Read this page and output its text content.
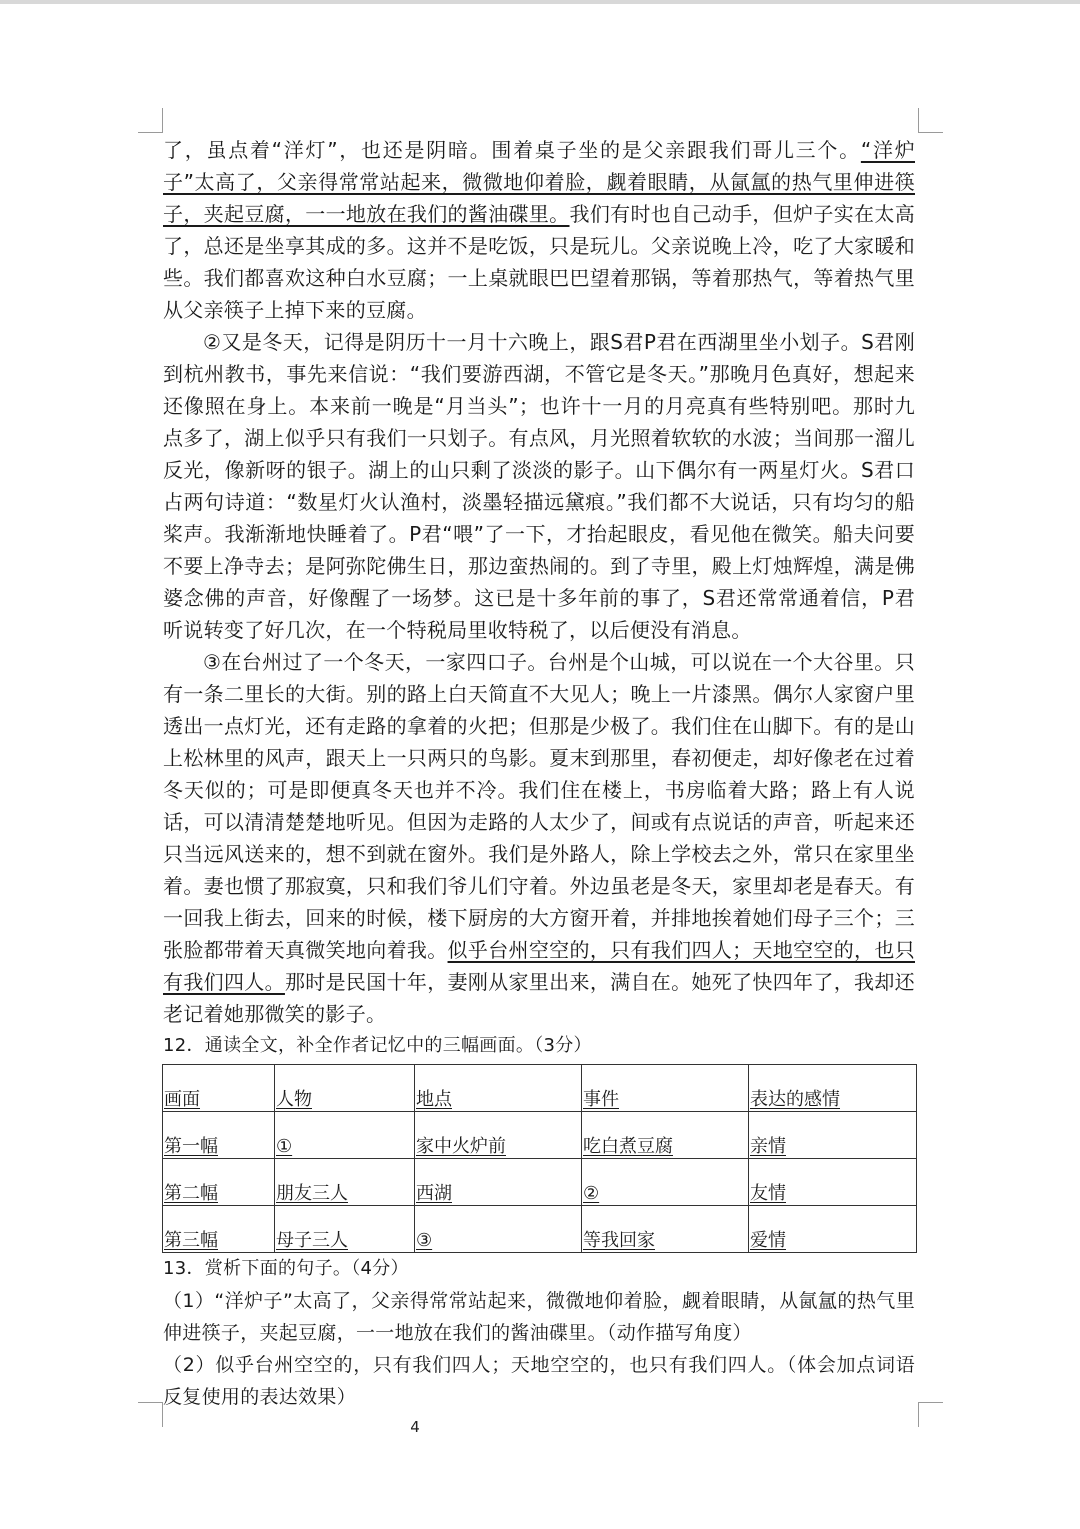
了，虽点着“洋灯”，也还是阴暗。围着桌子坐的是父亲跟我们哥儿三个。“洋炉子”太高了，父亲得常常站起来，微微地仰着脸，觑着眼睛，从氤氲的热气里伸进筷子，夹起豆腐，一一地放在我们的酱油碟里。我们有时也自己动手，但炉子实在太高了，总还是坐享其成的多。这并不是吃饭，只是玩儿。父亲说晚上冷，吃了大家暖和些。我们都喜欢这种白水豆腐；一上桌就眼巴巴望着那锅，等着那热气，等着热气里从父亲筷子上掉下来的豆腐。

②又是冬天，记得是阴历十一月十六晚上，跟S君P君在西湖里坐小划子。S君刚到杭州教书，事先来信说：“我们要游西湖，不管它是冬天。”那晚月色真好，想起来还像照在身上。本来前一晚是“月当头”；也许十一月的月亮真有些特别吧。那时九点多了，湖上似乎只有我们一只划子。有点风，月光照着软软的水波；当间那一溜儿反光，像新呀的银子。湖上的山只剩了淡淡的影子。山下偶尔有一两星灯火。S君口占两句诗道：“数星灯火认渔村，淡墨轻描远黛痕。”我们都不大说话，只有均匀的船桨声。我渐渐地快睡着了。P君“喂”了一下，才抬起眼皮，看见他在微笑。船夫问要不要上净寺去；是阿弥陀佛生日，那边蛮热闹的。到了寺里，殿上灯烛辉煌，满是佛婆念佛的声音，好像醒了一场梦。这已是十多年前的事了，S君还常常通着信，P君听说转变了好几次，在一个特税局里收特税了，以后便没有消息。

③在台州过了一个冬天，一家四口子。台州是个山城，可以说在一个大谷里。只有一条二里长的大街。别的路上白天简直不大见人；晚上一片漆黑。偶尔人家窗户里透出一点灯光，还有走路的拿着的火把；但那是少极了。我们住在山脚下。有的是山上松林里的风声，跟天上一只两只的鸟影。夏末到那里，春初便走，却好像老在过着冬天似的；可是即便真冬天也并不冷。我们住在楼上，书房临着大路；路上有人说话，可以清清楚楚地听见。但因为走路的人太少了，间或有点说话的声音，听起来还只当远风送来的，想不到就在窗外。我们是外路人，除上学校去之外，常只在家里坐着。妻也惯了那寂寞，只和我们爷儿们守着。外边虽老是冬天，家里却老是春天。有一回我上街去，回来的时候，楼下厨房的大方窗开着，并排地挨着她们母子三个；三张脸都带着天真微笑地向着我。似乎台州空空的，只有我们四人；天地空空的，也只有我们四人。那时是民国十年，妻刚从家里出来，满自在。她死了快四年了，我却还老记着她那微笑的影子。

12．通读全文，补全作者记忆中的三幅画面。（3分）

画面	人物	地点	事件	表达的感情
第一幅	①	家中火炉前	吃白煮豆腐	亲情
第二幅	朋友三人	西湖	②	友情
第三幅	母子三人	③	等我回家	爱情

13．赏析下面的句子。（4分）

（1）“洋炉子”太高了，父亲得常常站起来，微微地仰着脸，觑着眼睛，从氤氲的热气里伸进筷子，夹起豆腐，一一地放在我们的酱油碟里。（动作描写角度）

（2）似乎台州空空的，只有我们四人；天地空空的，也只有我们四人。（体会加点词语反复使用的表达效果）

4
